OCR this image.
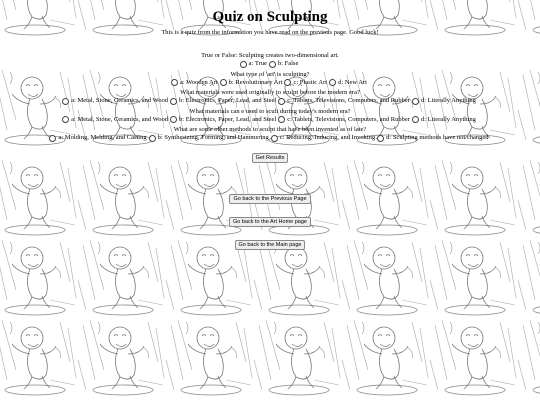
Quiz on Sculpting
This is a quiz from the information you have read on the previous page. Good luck!
True or False: Sculpting creates two-dimensional art.
a: True b: False
What type of 'art' is sculpting?
a: Wooden Art b: Revolutionary Art c: Plastic Art d: New Art
What materials were used originally to sculpt before the modern era?
a: Metal, Stone, Ceramics, and Wood b: Electronics, Paper, Lead, and Steel c: Tablets, Televisions, Computers, and Rubber d: Literally Anything
What materials can e used to scult during today's modern era?
a: Metal, Stone, Ceramics, and Wood b: Electronics, Paper, Lead, and Steel c: Tablets, Televisions, Computers, and Rubber d: Literally Anything
What are some other methods to sculpt that have been invented as of late?
a: Molding, Melding, and Casting b: Synthesizing, Forming, and Hammering c: Reducing, Inducing, and Invoking d: Sculpting methods have not changed
Get Results
Go back to the Previous Page
Go back to the Art Home page
Go back to the Main page
